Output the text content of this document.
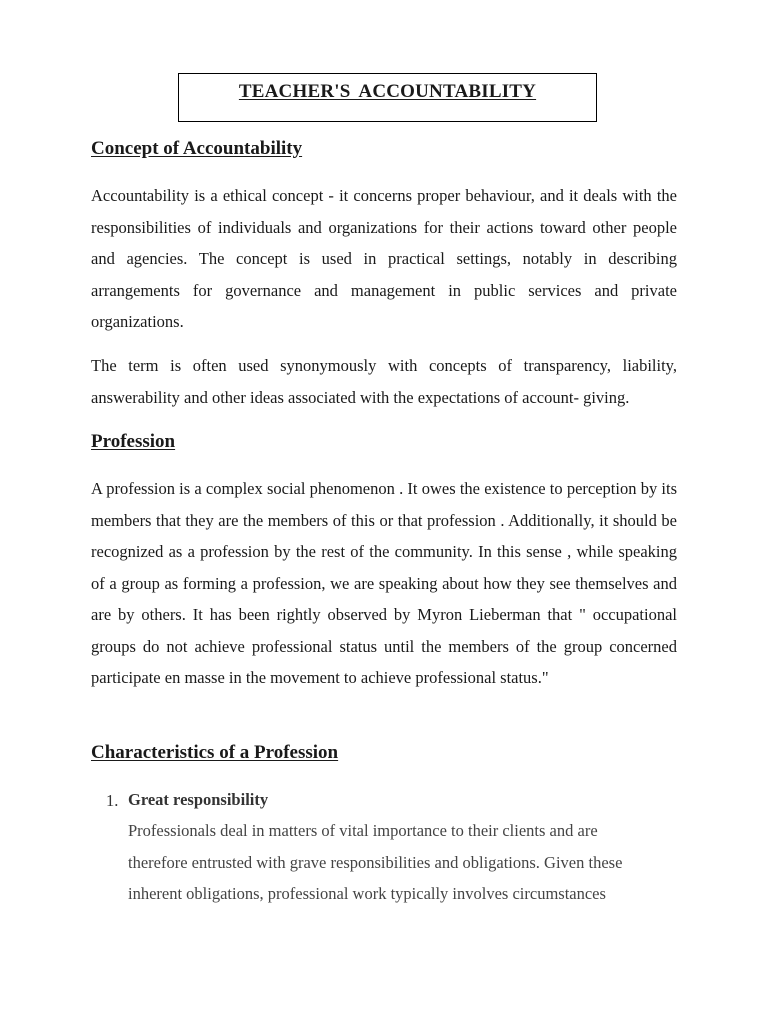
TEACHER'S ACCOUNTABILITY
Concept of Accountability

Accountability is a ethical concept - it concerns proper behaviour, and it deals with the responsibilities of individuals and organizations for their actions toward other people and agencies. The concept is used in practical settings, notably in describing arrangements for governance and management in public services and private organizations.

The term is often used synonymously with concepts of transparency, liability, answerability and other ideas associated with the expectations of account- giving.

Profession

A profession is a complex social phenomenon . It owes the existence to perception by its members that they are the members of this or that profession . Additionally, it should be recognized as a profession by the rest of the community. In this sense , while speaking of a group as forming a profession, we are speaking about how they see themselves and are by others. It has been rightly observed by Myron Lieberman that " occupational groups do not achieve professional status until the members of the group concerned participate en masse in the movement to achieve professional status."

Characteristics of a Profession
1. Great responsibility

Professionals deal in matters of vital importance to their clients and are therefore entrusted with grave responsibilities and obligations. Given these inherent obligations, professional work typically involves circumstances
